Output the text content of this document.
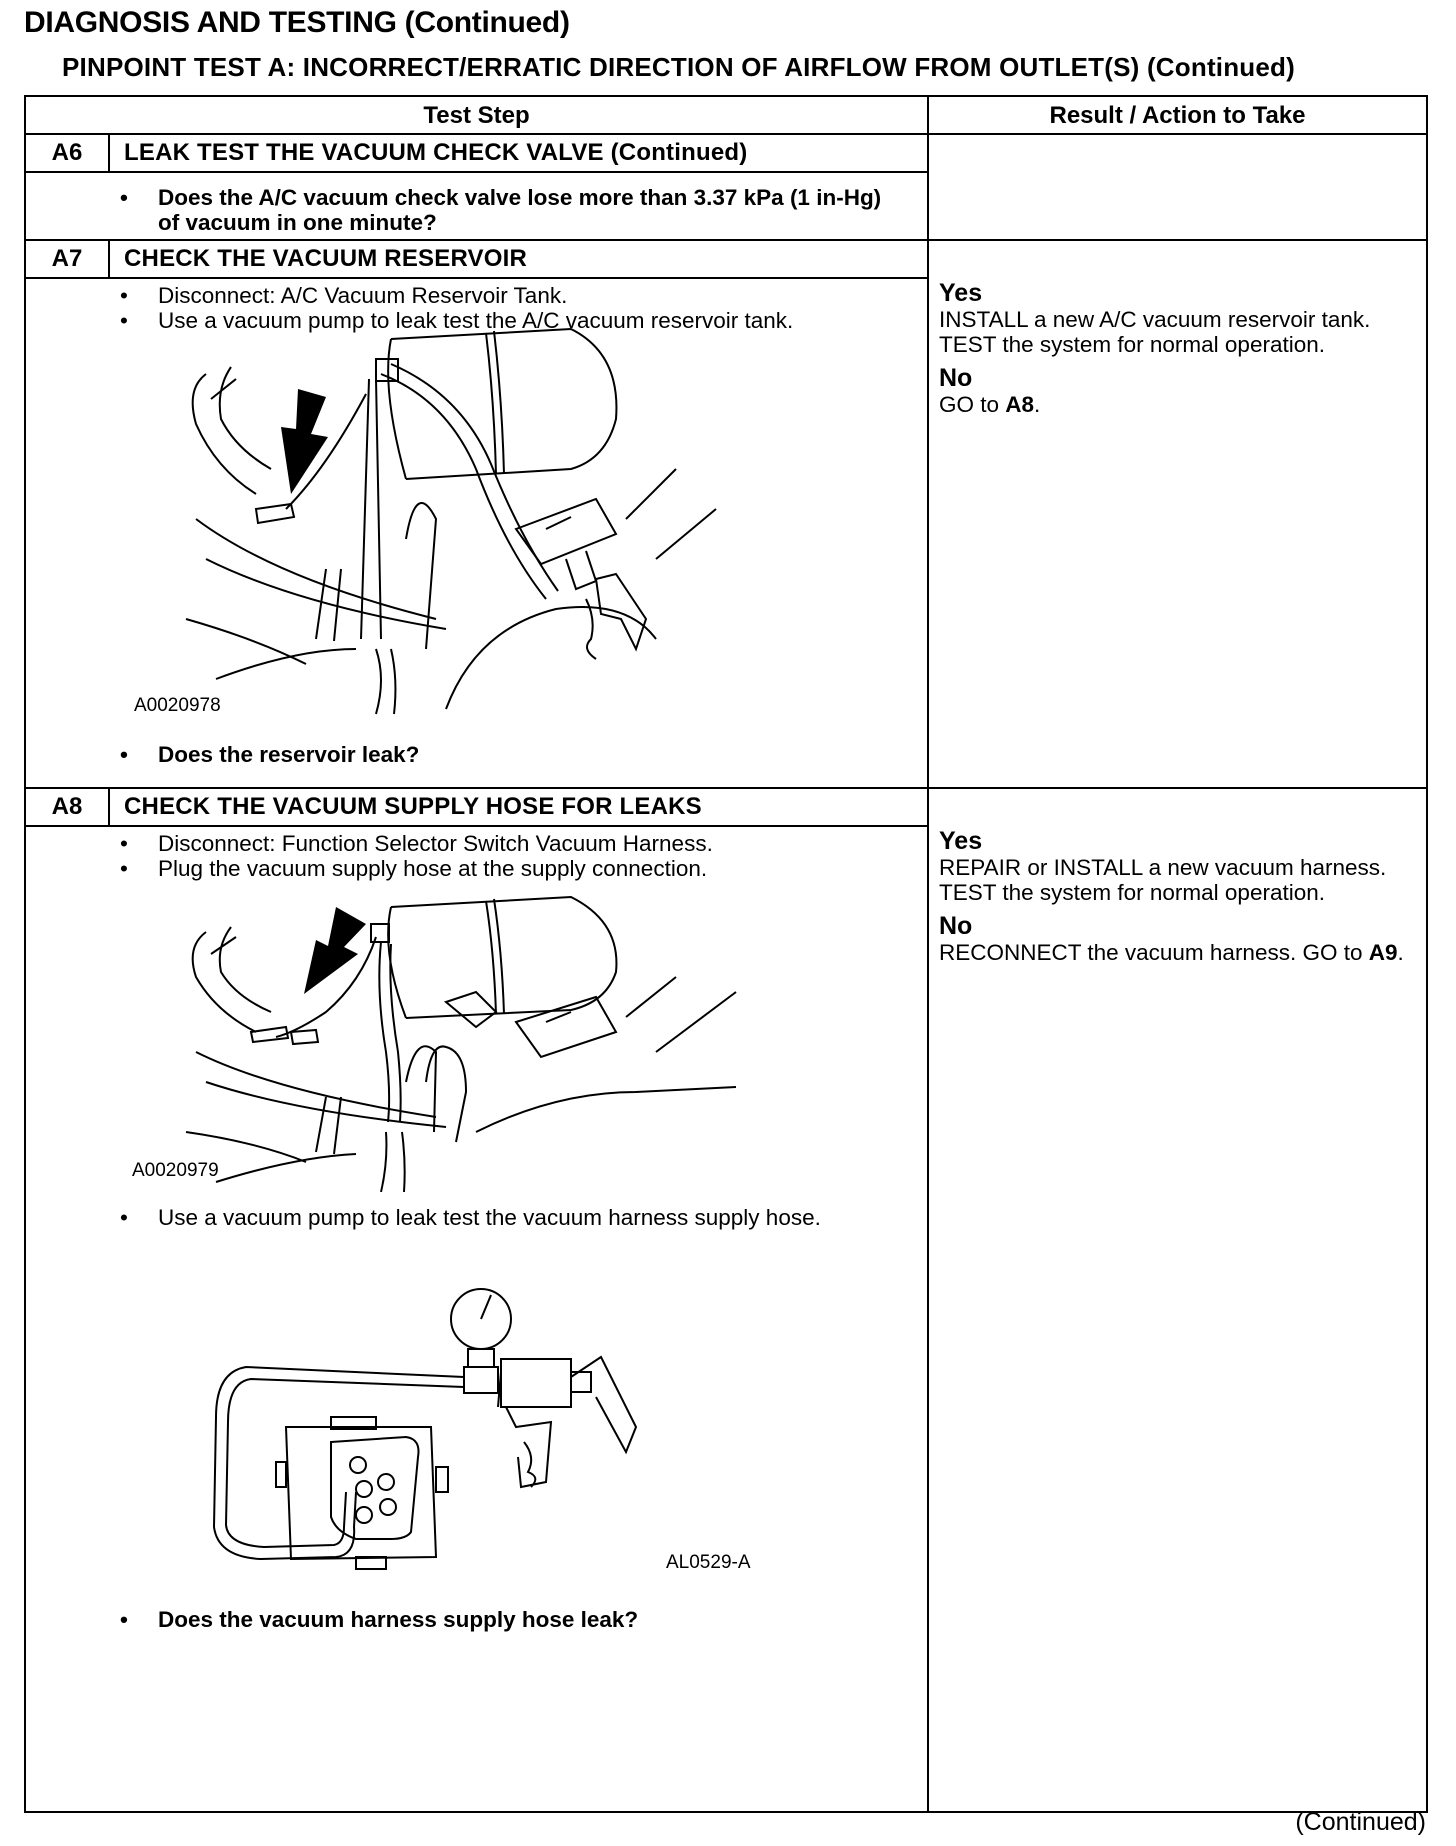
DIAGNOSIS AND TESTING (Continued)
PINPOINT TEST A: INCORRECT/ERRATIC DIRECTION OF AIRFLOW FROM OUTLET(S) (Continued)
Test Step	Result / Action to Take
A6	LEAK TEST THE VACUUM CHECK VALVE (Continued)
•	Does the A/C vacuum check valve lose more than 3.37 kPa (1 in-Hg) of vacuum in one minute?
A7	CHECK THE VACUUM RESERVOIR
•	Disconnect: A/C Vacuum Reservoir Tank.
•	Use a vacuum pump to leak test the A/C vacuum reservoir tank.
A0020978
•	Does the reservoir leak?
Yes
INSTALL a new A/C vacuum reservoir tank. TEST the system for normal operation.
No
GO to A8.
A8	CHECK THE VACUUM SUPPLY HOSE FOR LEAKS
•	Disconnect: Function Selector Switch Vacuum Harness.
•	Plug the vacuum supply hose at the supply connection.
A0020979
•	Use a vacuum pump to leak test the vacuum harness supply hose.
AL0529-A
•	Does the vacuum harness supply hose leak?
Yes
REPAIR or INSTALL a new vacuum harness. TEST the system for normal operation.
No
RECONNECT the vacuum harness. GO to A9.
(Continued)
